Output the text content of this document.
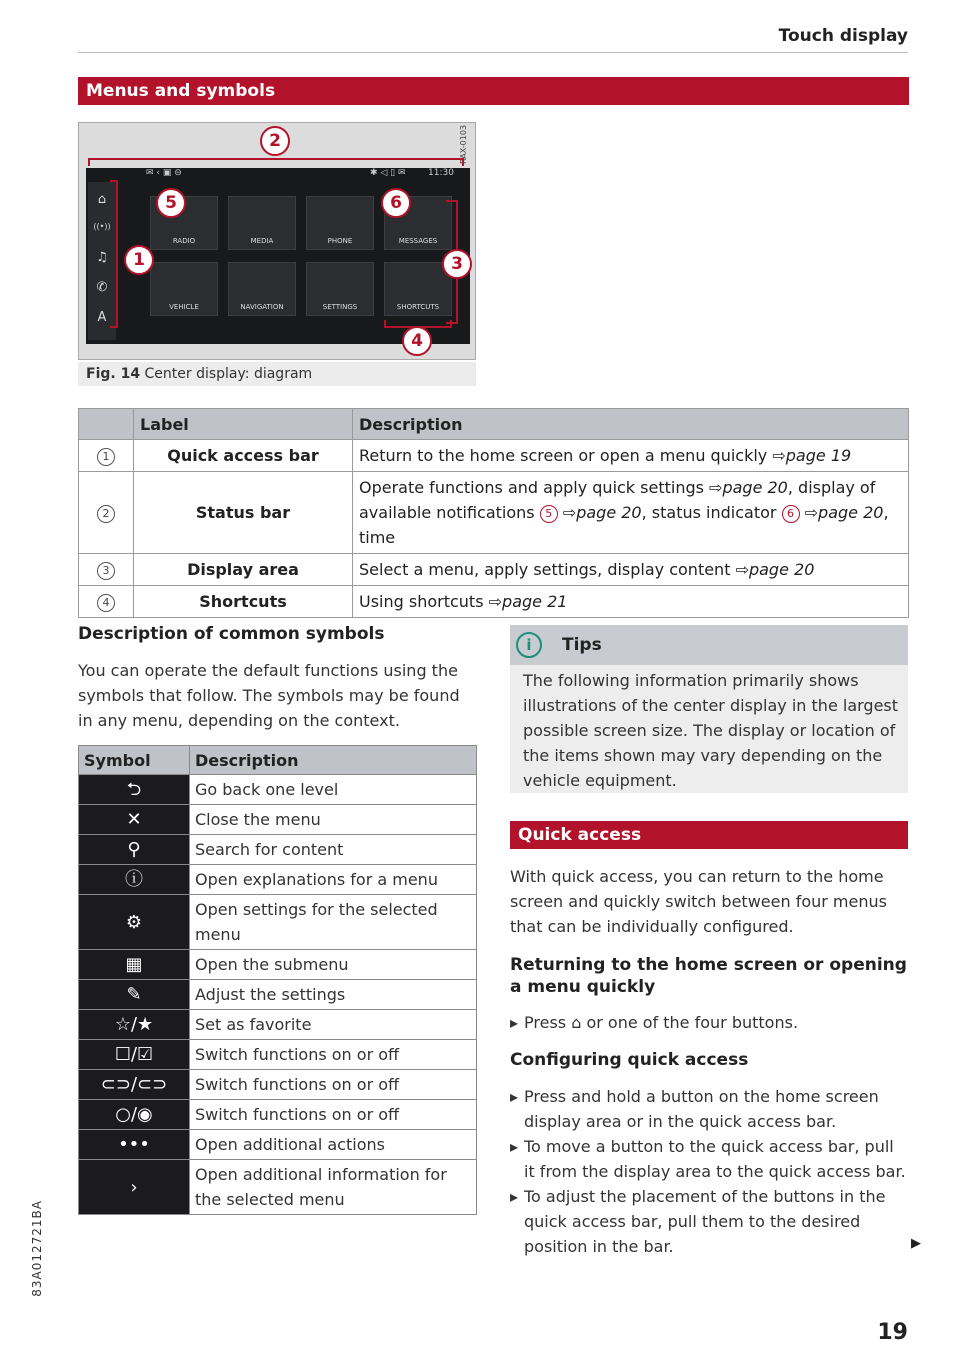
Touch display
Menus and symbols
RAX-0103
✉ ‹ ▣ ⊖	✱ ◁ ▯ ✉ 11:30
⌂
((•))
♫
✆
A
RADIO	MEDIA	PHONE	MESSAGES
VEHICLE	NAVIGATION	SETTINGS	SHORTCUTS
1
2
3
4
5	6
Fig. 14 Center display: diagram
	Label	Description
1	Quick access bar	Return to the home screen or open a menu quickly ⇨page 19
2	Status bar	Operate functions and apply quick settings ⇨page 20, display of available notifications 5 ⇨page 20, status indicator 6 ⇨page 20, time
3	Display area	Select a menu, apply settings, display content ⇨page 20
4	Shortcuts	Using shortcuts ⇨page 21
Description of common symbols
You can operate the default functions using the symbols that follow. The symbols may be found in any menu, depending on the context.
Symbol	Description
⮌	Go back one level
✕	Close the menu
⚲	Search for content
ⓘ	Open explanations for a menu
⚙	Open settings for the selected menu
▦	Open the submenu
✎	Adjust the settings
☆/★	Set as favorite
☐/☑	Switch functions on or off
⊂⊃/⊂⊃	Switch functions on or off
○/◉	Switch functions on or off
•••	Open additional actions
›	Open additional information for the selected menu
i	Tips
The following information primarily shows illustrations of the center display in the largest possible screen size. The display or location of the items shown may vary depending on the vehicle equipment.
Quick access
With quick access, you can return to the home screen and quickly switch between four menus that can be individually configured.
Returning to the home screen or opening a menu quickly
▸ Press ⌂ or one of the four buttons.
Configuring quick access
▸ Press and hold a button on the home screen display area or in the quick access bar.
▸ To move a button to the quick access bar, pull it from the display area to the quick access bar.
▸ To adjust the placement of the buttons in the quick access bar, pull them to the desired position in the bar.	▶
83A012721BA
19
